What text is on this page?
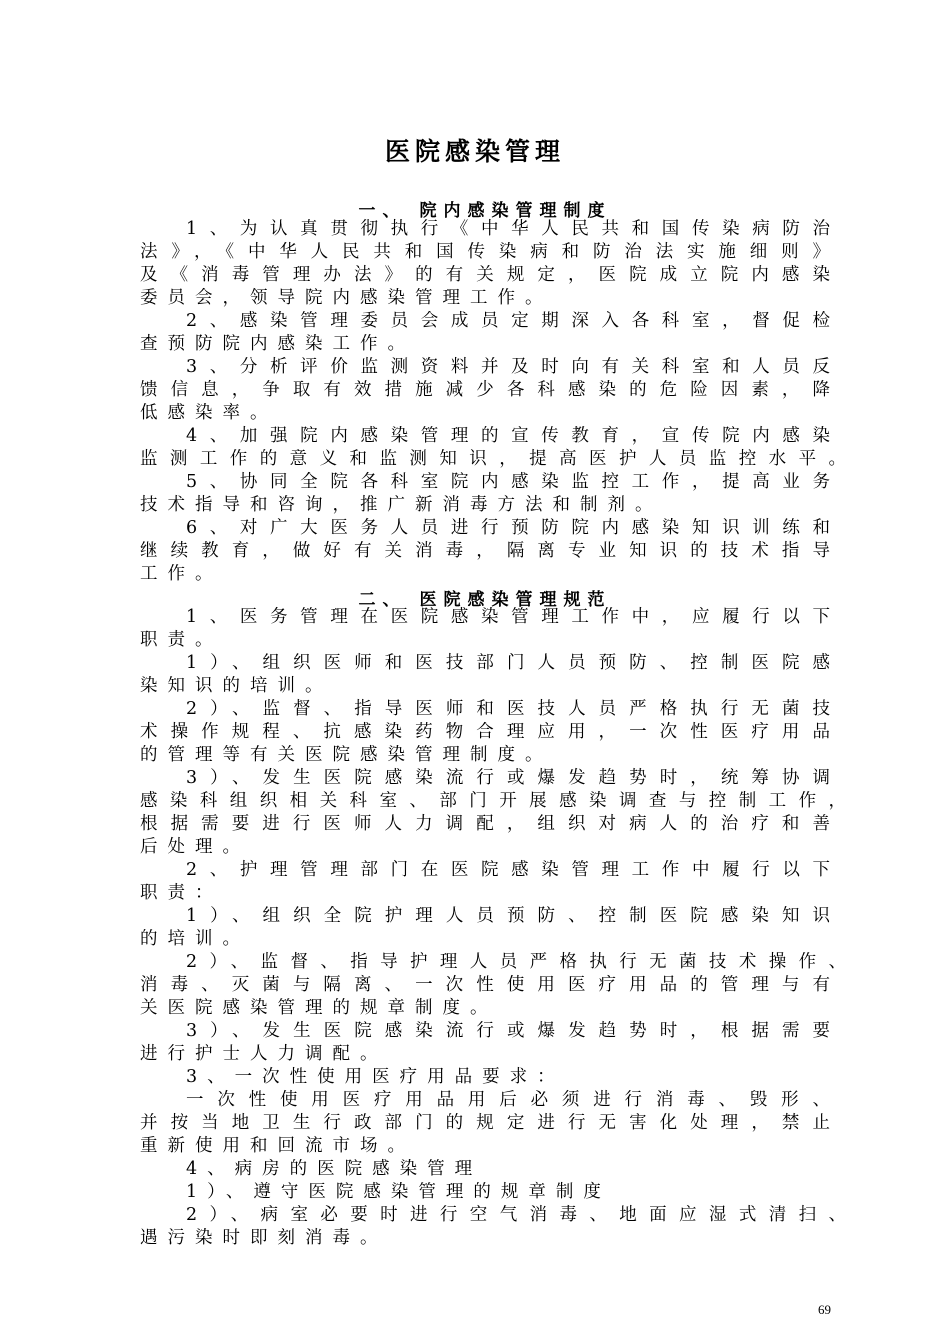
医院感染管理
一、 院内感染管理制度
1、为认真贯彻执行《中华人民共和国传染病防治
法》，《中华人民共和国传染病和防治法实施细则》
及《消毒管理办法》的有关规定，医院成立院内感染
委员会，领导院内感染管理工作。
2、感染管理委员会成员定期深入各科室，督促检
查预防院内感染工作。
3、分析评价监测资料并及时向有关科室和人员反
馈信息，争取有效措施减少各科感染的危险因素，降
低感染率。
4、加强院内感染管理的宣传教育，宣传院内感染
监测工作的意义和监测知识，提高医护人员监控水平。
5、协同全院各科室院内感染监控工作，提高业务
技术指导和咨询，推广新消毒方法和制剂。
6、对广大医务人员进行预防院内感染知识训练和
继续教育，做好有关消毒，隔离专业知识的技术指导
工作。
二、 医院感染管理规范
1、医务管理在医院感染管理工作中，应履行以下
职责。
1）、组织医师和医技部门人员预防、控制医院感
染知识的培训。
2）、监督、指导医师和医技人员严格执行无菌技
术操作规程、抗感染药物合理应用，一次性医疗用品
的管理等有关医院感染管理制度。
3）、发生医院感染流行或爆发趋势时，统筹协调
感染科组织相关科室、部门开展感染调查与控制工作，
根据需要进行医师人力调配，组织对病人的治疗和善
后处理。
2、护理管理部门在医院感染管理工作中履行以下
职责：
1）、组织全院护理人员预防、控制医院感染知识
的培训。
2）、监督、指导护理人员严格执行无菌技术操作、
消毒、灭菌与隔离、一次性使用医疗用品的管理与有
关医院感染管理的规章制度。
3）、发生医院感染流行或爆发趋势时，根据需要
进行护士人力调配。
3、一次性使用医疗用品要求：
一次性使用医疗用品用后必须进行消毒、毁形、
并按当地卫生行政部门的规定进行无害化处理，禁止
重新使用和回流市场。
4、病房的医院感染管理
1）、遵守医院感染管理的规章制度
2）、病室必要时进行空气消毒、地面应湿式清扫、
遇污染时即刻消毒。
69
